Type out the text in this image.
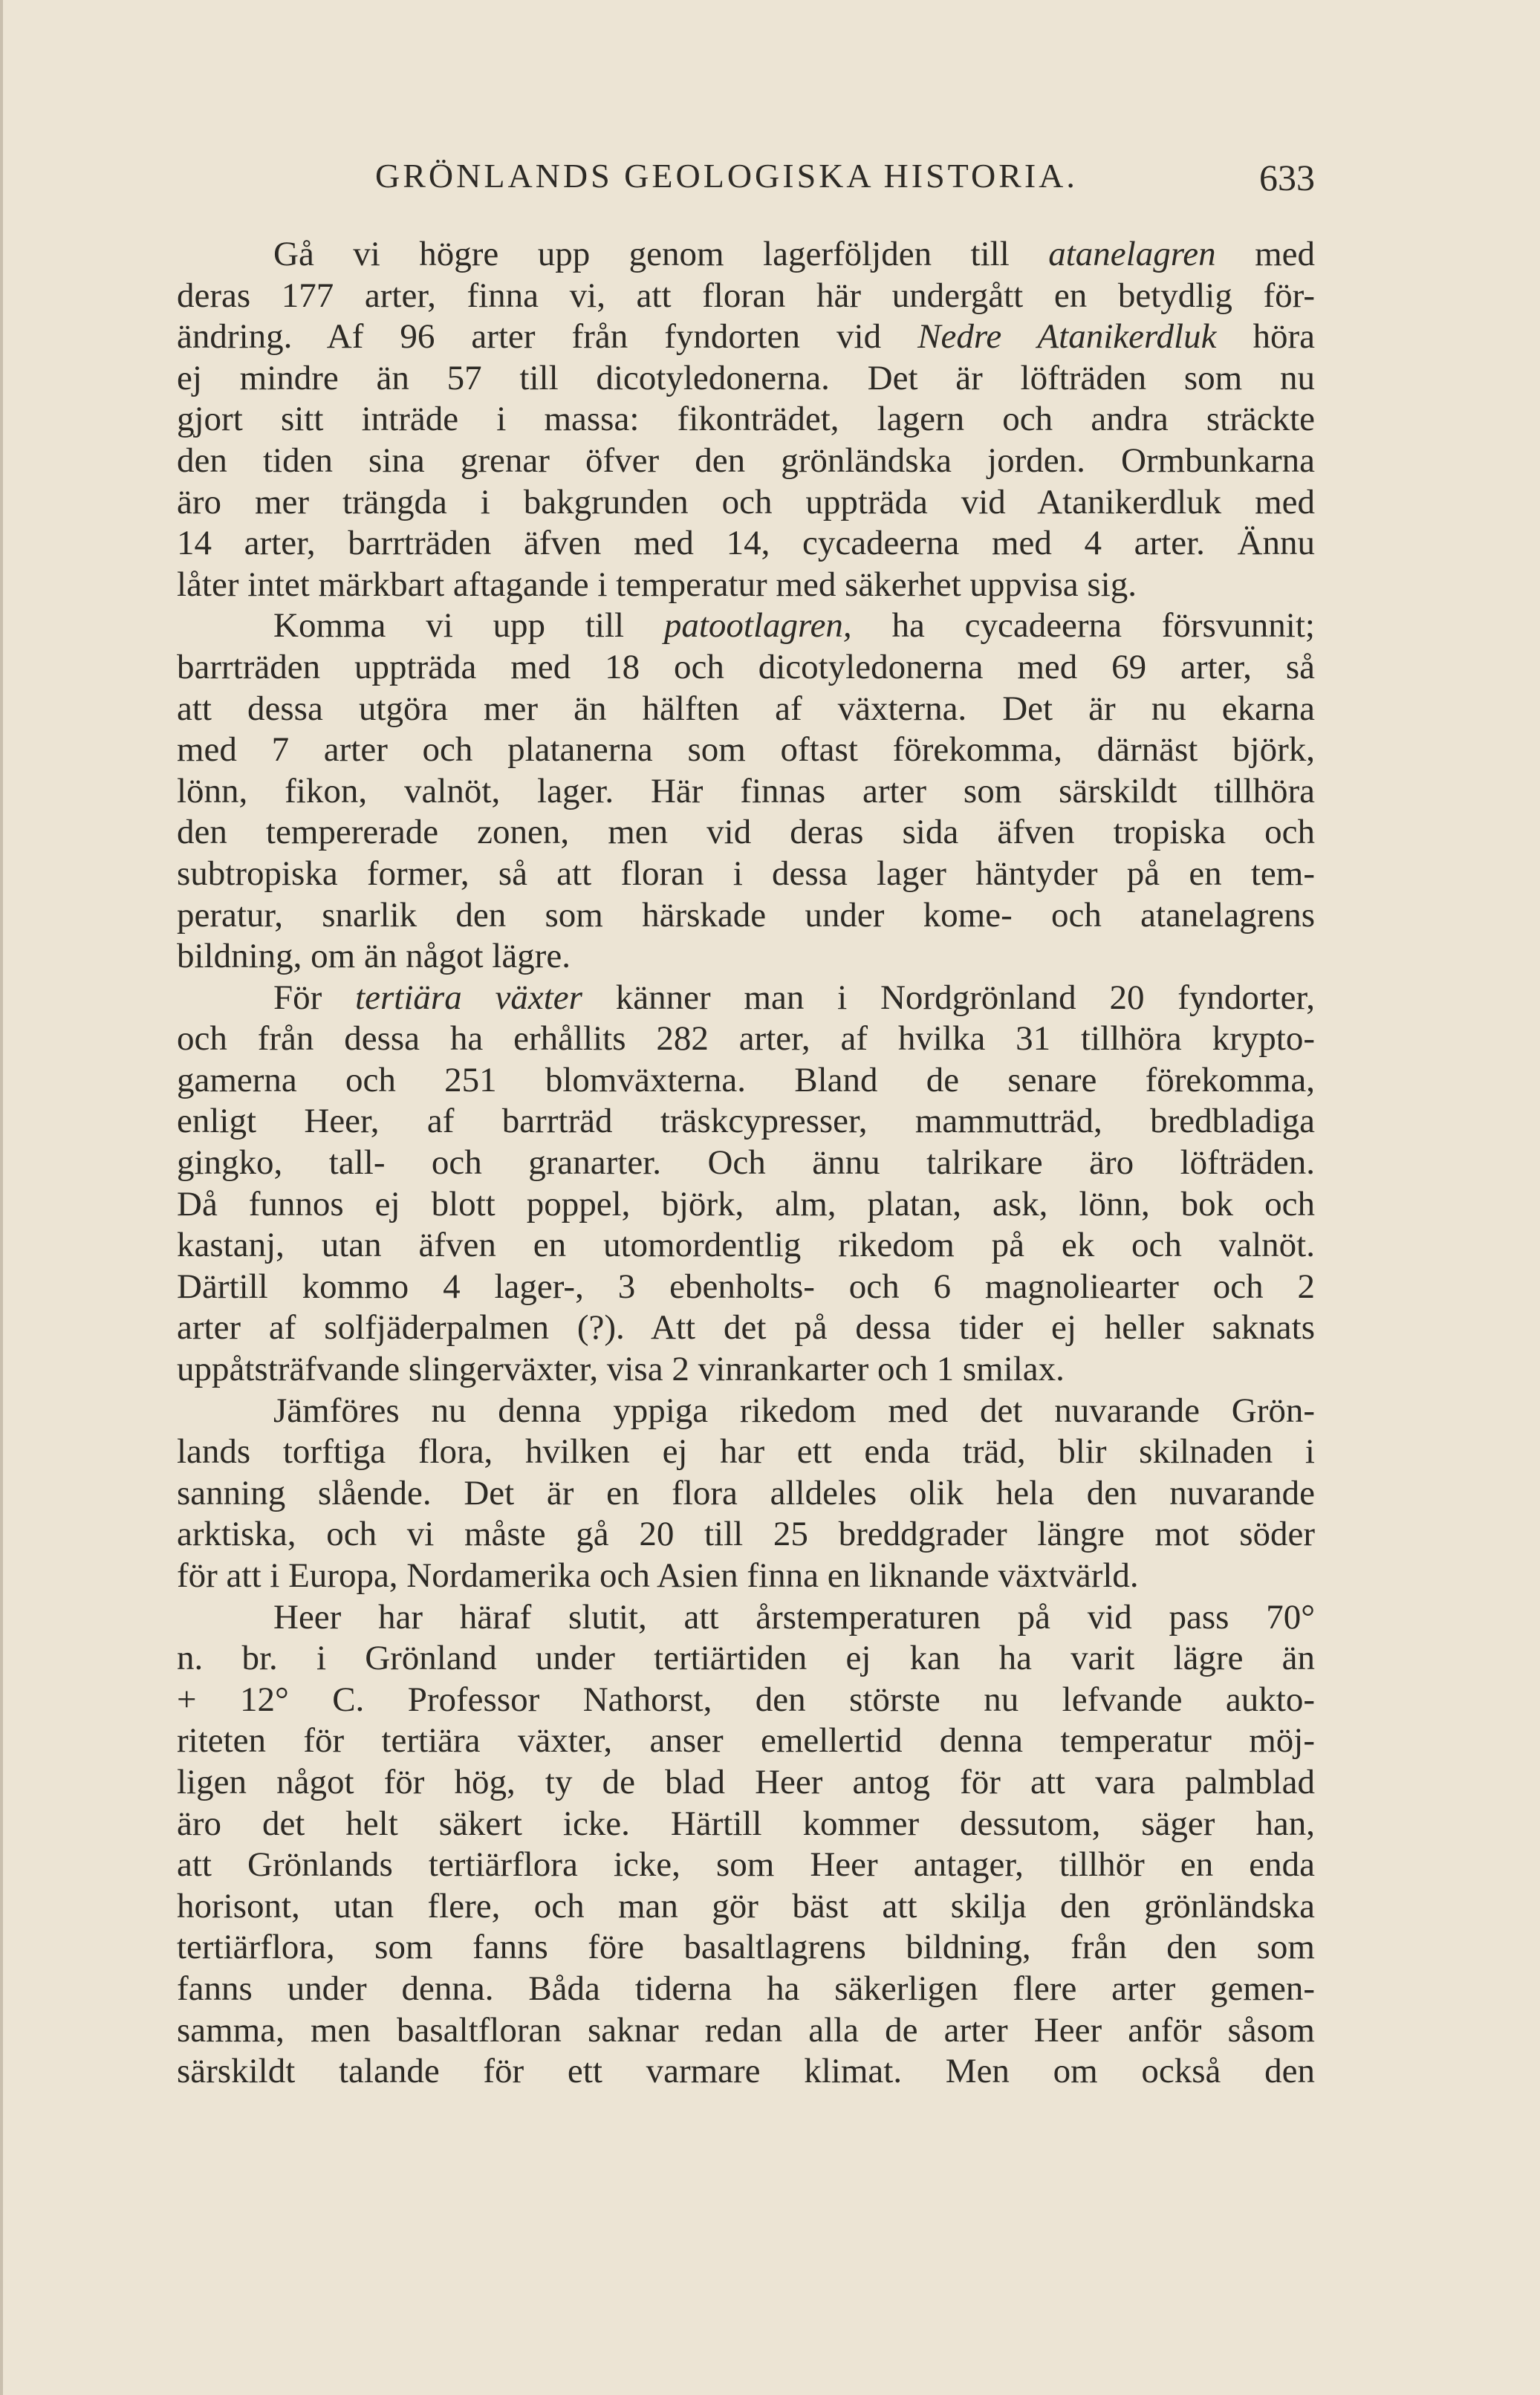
GRÖNLANDS GEOLOGISKA HISTORIA.	633
Gå vi högre upp genom lagerföljden till atanelagren med
deras 177 arter, finna vi, att floran här undergått en betydlig för-
ändring. Af 96 arter från fyndorten vid Nedre Atanikerdluk höra
ej mindre än 57 till dicotyledonerna. Det är löfträden som nu
gjort sitt inträde i massa: fikonträdet, lagern och andra sträckte
den tiden sina grenar öfver den grönländska jorden. Ormbunkarna
äro mer trängda i bakgrunden och uppträda vid Atanikerdluk med
14 arter, barrträden äfven med 14, cycadeerna med 4 arter. Ännu
låter intet märkbart aftagande i temperatur med säkerhet uppvisa sig.
Komma vi upp till patootlagren, ha cycadeerna försvunnit;
barrträden uppträda med 18 och dicotyledonerna med 69 arter, så
att dessa utgöra mer än hälften af växterna. Det är nu ekarna
med 7 arter och platanerna som oftast förekomma, därnäst björk,
lönn, fikon, valnöt, lager. Här finnas arter som särskildt tillhöra
den tempererade zonen, men vid deras sida äfven tropiska och
subtropiska former, så att floran i dessa lager häntyder på en tem-
peratur, snarlik den som härskade under kome- och atanelagrens
bildning, om än något lägre.
För tertiära växter känner man i Nordgrönland 20 fyndorter,
och från dessa ha erhållits 282 arter, af hvilka 31 tillhöra krypto-
gamerna och 251 blomväxterna. Bland de senare förekomma,
enligt Heer, af barrträd träskcypresser, mammutträd, bredbladiga
gingko, tall- och granarter. Och ännu talrikare äro löfträden.
Då funnos ej blott poppel, björk, alm, platan, ask, lönn, bok och
kastanj, utan äfven en utomordentlig rikedom på ek och valnöt.
Därtill kommo 4 lager-, 3 ebenholts- och 6 magnoliearter och 2
arter af solfjäderpalmen (?). Att det på dessa tider ej heller saknats
uppåtsträfvande slingerväxter, visa 2 vinrankarter och 1 smilax.
Jämföres nu denna yppiga rikedom med det nuvarande Grön-
lands torftiga flora, hvilken ej har ett enda träd, blir skilnaden i
sanning slående. Det är en flora alldeles olik hela den nuvarande
arktiska, och vi måste gå 20 till 25 breddgrader längre mot söder
för att i Europa, Nordamerika och Asien finna en liknande växtvärld.
Heer har häraf slutit, att årstemperaturen på vid pass 70°
n. br. i Grönland under tertiärtiden ej kan ha varit lägre än
+ 12° C. Professor Nathorst, den störste nu lefvande aukto-
riteten för tertiära växter, anser emellertid denna temperatur möj-
ligen något för hög, ty de blad Heer antog för att vara palmblad
äro det helt säkert icke. Härtill kommer dessutom, säger han,
att Grönlands tertiärflora icke, som Heer antager, tillhör en enda
horisont, utan flere, och man gör bäst att skilja den grönländska
tertiärflora, som fanns före basaltlagrens bildning, från den som
fanns under denna. Båda tiderna ha säkerligen flere arter gemen-
samma, men basaltfloran saknar redan alla de arter Heer anför såsom
särskildt talande för ett varmare klimat. Men om också den
